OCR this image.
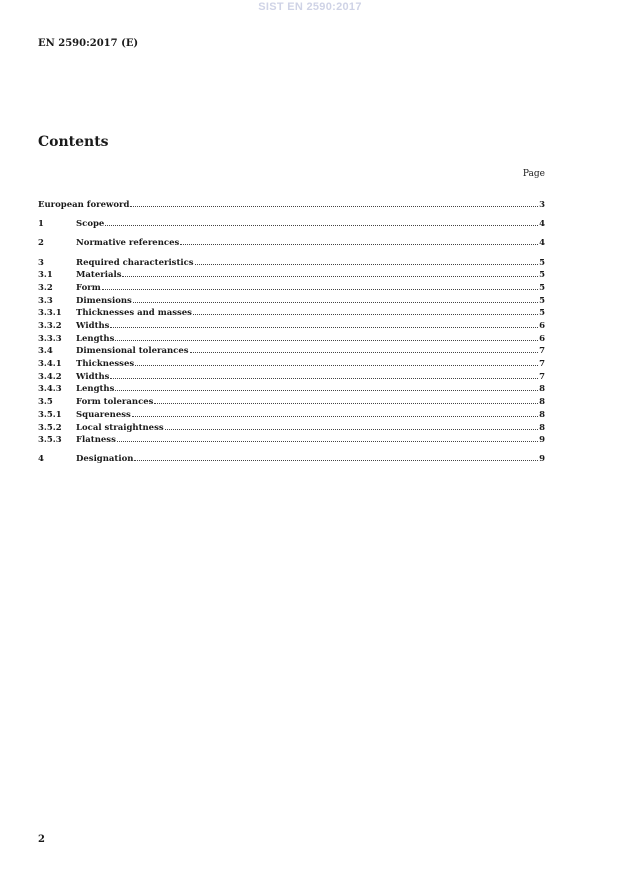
SIST EN 2590:2017
EN 2590:2017 (E)
Contents
Page
European foreword	3
1	Scope	4
2	Normative references	4
3	Required characteristics	5
3.1	Materials	5
3.2	Form	5
3.3	Dimensions	5
3.3.1	Thicknesses and masses	5
3.3.2	Widths	6
3.3.3	Lengths	6
3.4	Dimensional tolerances	7
3.4.1	Thicknesses	7
3.4.2	Widths	7
3.4.3	Lengths	8
3.5	Form tolerances	8
3.5.1	Squareness	8
3.5.2	Local straightness	8
3.5.3	Flatness	9
4	Designation	9
2
